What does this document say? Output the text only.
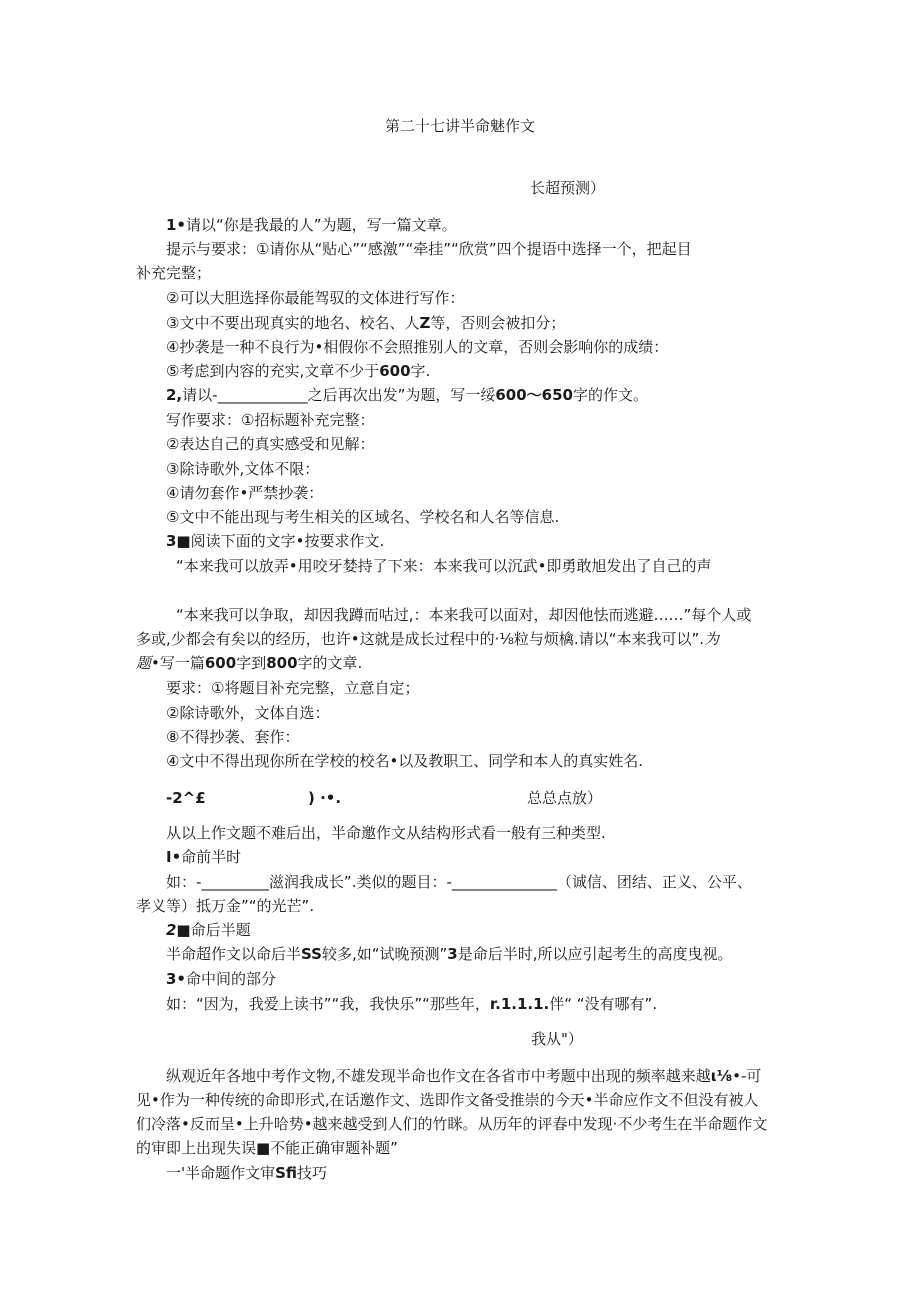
第二十七讲半命魅作文
长超预测）
1•请以“你是我最的人”为题，写一篇文章。
提示与要求：①请你从“贴心”“感激”“牵挂”“欣赏”四个提语中选择一个，把起目
补充完整；
②可以大胆选择你最能驾驭的文体进行写作：
③文中不要出现真实的地名、校名、人Z等，否则会被扣分；
④抄袭是一种不良行为•相假你不会照推别人的文章，否则会影响你的成绩：
⑤考虑到内容的充实,文章不少于600字.
2,请以-____________之后再次出发”为题，写一绥600〜650字的作文。
写作要求：①招标题补充完整：
②表达自己的真实感受和见解：
③除诗歌外,文体不限：
④请勿套作•严禁抄袭：
⑤文中不能出现与考生相关的区域名、学校名和人名等信息.
3■阅读下面的文字•按要求作文.
“本来我可以放弄•用咬牙婪持了下来：本来我可以沉武•即勇敢旭发出了自己的声
“本来我可以争取，却因我蹲而咕过,：本来我可以面对，却因他怯而逃避……”每个人或
多或,少都会有矣以的经历，也许•这就是成长过程中的·⅛粒与烦檎.请以“本来我可以”.为
题•写一篇600字到800字的文章.
要求：①将题目补充完整，立意自定；
②除诗歌外，文体自选：
⑧不得抄袭、套作：
④文中不得出现你所在学校的校名•以及教职工、同学和本人的真实姓名.
-2^£	) ·•.	总总点放）
从以上作文题不难后出，半命邀作文从结构形式看一般有三种类型.
I•命前半时
如：-_________滋润我成长”.类似的题目：-______________（诚信、团结、正义、公平、
孝义等）抵万金”“的光芒”.
2■命后半题
半命超作文以命后半SS较多,如“试晚预测”3是命后半时,所以应引起考生的高度曳视。
3•命中间的部分
如：“因为，我爱上读书”“我，我快乐”“那些年，r.1.1.1.伴“ “没有哪有”.
我从"）
纵观近年各地中考作文物,不雄发现半命也作文在各省市中考题中出现的频率越来越ι⅛•-可
见•作为一种传统的命即形式,在话邀作文、选即作文备受推崇的今天•半命应作文不但没有被人
们冷落•反而呈•上升哈势•越来越受到人们的竹眯。从历年的评春中发现·不少考生在半命题作文
的审即上出现失误■不能正确审题补题”
一'半命题作文审Sfi技巧
